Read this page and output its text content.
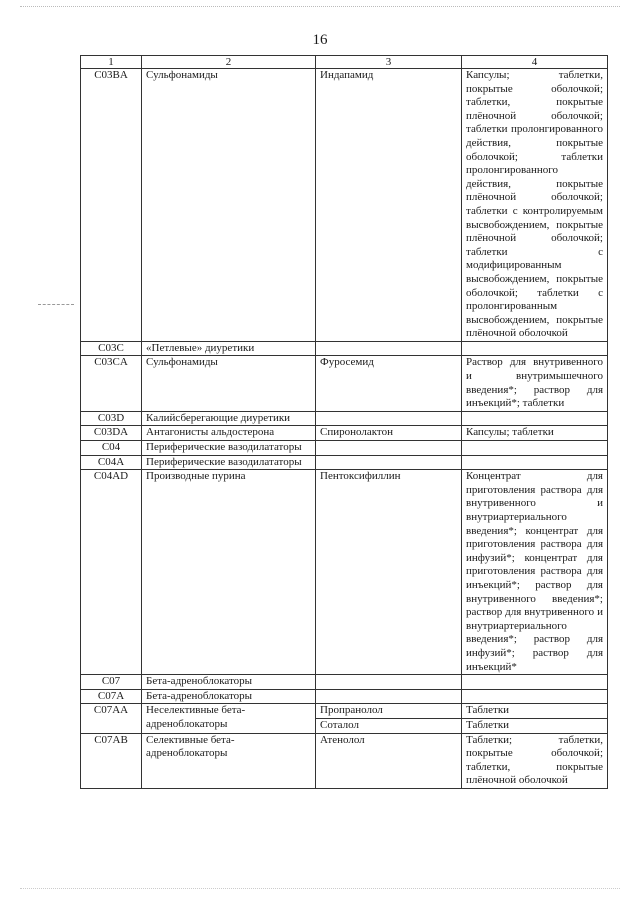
16
1	2	3	4
C03BA	Сульфонамиды	Индапамид	Капсулы; таблетки, покрытые оболочкой; таблетки, покрытые плёночной оболочкой; таблетки пролонгированного действия, покрытые оболочкой; таблетки пролонгированного действия, покрытые плёночной оболочкой; таблетки с контролируемым высвобождением, покрытые плёночной оболочкой; таблетки с модифицированным высвобождением, покрытые оболочкой; таблетки с пролонгированным высвобождением, покрытые плёночной оболочкой
C03C	«Петлевые» диуретики		
C03CA	Сульфонамиды	Фуросемид	Раствор для внутривенного и внутримышечного введения*; раствор для инъекций*; таблетки
C03D	Калийсберегающие диуретики		
C03DA	Антагонисты альдостерона	Спиронолактон	Капсулы; таблетки
C04	Периферические вазодилататоры		
C04A	Периферические вазодилататоры		
C04AD	Производные пурина	Пентоксифиллин	Концентрат для приготовления раствора для внутривенного и внутриартериального введения*; концентрат для приготовления раствора для инфузий*; концентрат для приготовления раствора для инъекций*; раствор для внутривенного введения*; раствор для внутривенного и внутриартериального введения*; раствор для инфузий*; раствор для инъекций*
C07	Бета-адреноблокаторы		
C07A	Бета-адреноблокаторы		
C07AA	Неселективные бета-адреноблокаторы	Пропранолол	Таблетки
		Соталол	Таблетки
C07AB	Селективные бета-адреноблокаторы	Атенолол	Таблетки; таблетки, покрытые оболочкой; таблетки, покрытые плёночной оболочкой
